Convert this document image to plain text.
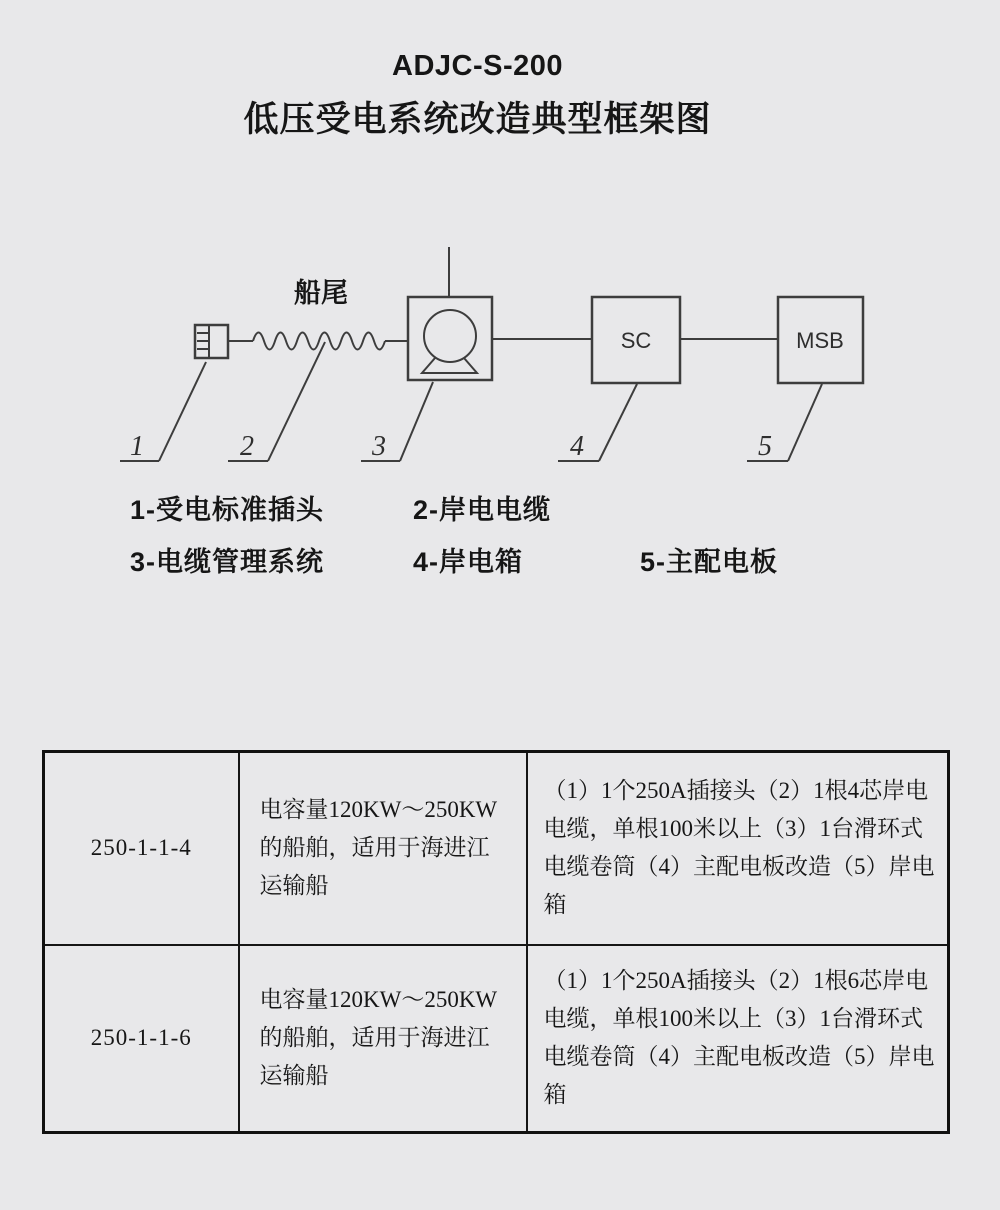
ADJC-S-200
低压受电系统改造典型框架图
船尾
SC	MSB
1	2	3	4	5
1-受电标准插头	2-岸电电缆
3-电缆管理系统	4-岸电箱	5-主配电板
250-1-1-4	电容量120KW～250KW的船舶，适用于海进江运输船	（1）1个250A插接头（2）1根4芯岸电电缆，单根100米以上（3）1台滑环式电缆卷筒（4）主配电板改造（5）岸电箱
250-1-1-6	电容量120KW～250KW的船舶，适用于海进江运输船	（1）1个250A插接头（2）1根6芯岸电电缆，单根100米以上（3）1台滑环式电缆卷筒（4）主配电板改造（5）岸电箱
